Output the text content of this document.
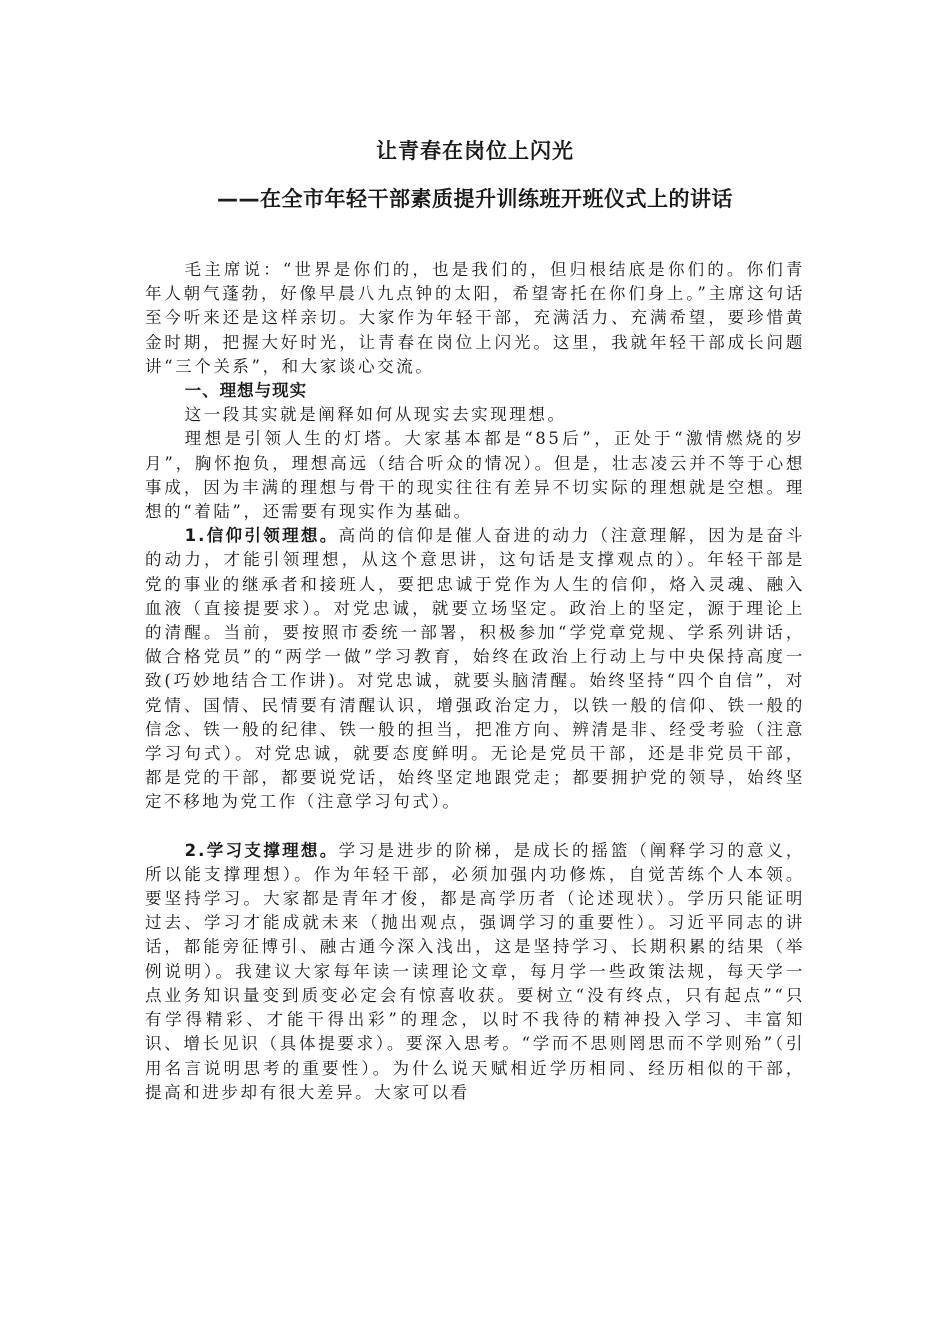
让青春在岗位上闪光
——在全市年轻干部素质提升训练班开班仪式上的讲话

毛主席说：“世界是你们的，也是我们的，但归根结底是你们的。你们青年人朝气蓬勃，好像早晨八九点钟的太阳，希望寄托在你们身上。”主席这句话至今听来还是这样亲切。大家作为年轻干部，充满活力、充满希望，要珍惜黄金时期，把握大好时光，让青春在岗位上闪光。这里，我就年轻干部成长问题讲“三个关系”，和大家谈心交流。

一、理想与现实

这一段其实就是阐释如何从现实去实现理想。

理想是引领人生的灯塔。大家基本都是“85后”，正处于“激情燃烧的岁月”，胸怀抱负，理想高远（结合听众的情况）。但是，壮志凌云并不等于心想事成，因为丰满的理想与骨干的现实往往有差异不切实际的理想就是空想。理想的“着陆”，还需要有现实作为基础。

1.信仰引领理想。高尚的信仰是催人奋进的动力（注意理解，因为是奋斗的动力，才能引领理想，从这个意思讲，这句话是支撑观点的）。年轻干部是党的事业的继承者和接班人，要把忠诚于党作为人生的信仰，烙入灵魂、融入血液（直接提要求）。对党忠诚，就要立场坚定。政治上的坚定，源于理论上的清醒。当前，要按照市委统一部署，积极参加“学党章党规、学系列讲话，做合格党员”的“两学一做”学习教育，始终在政治上行动上与中央保持高度一致(巧妙地结合工作讲)。对党忠诚，就要头脑清醒。始终坚持“四个自信”，对党情、国情、民情要有清醒认识，增强政治定力，以铁一般的信仰、铁一般的信念、铁一般的纪律、铁一般的担当，把准方向、辨清是非、经受考验（注意学习句式）。对党忠诚，就要态度鲜明。无论是党员干部，还是非党员干部，都是党的干部，都要说党话，始终坚定地跟党走；都要拥护党的领导，始终坚定不移地为党工作（注意学习句式）。

2.学习支撑理想。学习是进步的阶梯，是成长的摇篮（阐释学习的意义，所以能支撑理想）。作为年轻干部，必须加强内功修炼，自觉苦练个人本领。要坚持学习。大家都是青年才俊，都是高学历者（论述现状）。学历只能证明过去、学习才能成就未来（抛出观点，强调学习的重要性）。习近平同志的讲话，都能旁征博引、融古通今深入浅出，这是坚持学习、长期积累的结果（举例说明）。我建议大家每年读一读理论文章，每月学一些政策法规，每天学一点业务知识量变到质变必定会有惊喜收获。要树立“没有终点，只有起点”“只有学得精彩、才能干得出彩”的理念，以时不我待的精神投入学习、丰富知识、增长见识（具体提要求）。要深入思考。“学而不思则罔思而不学则殆”（引用名言说明思考的重要性）。为什么说天赋相近学历相同、经历相似的干部，提高和进步却有很大差异。大家可以看
